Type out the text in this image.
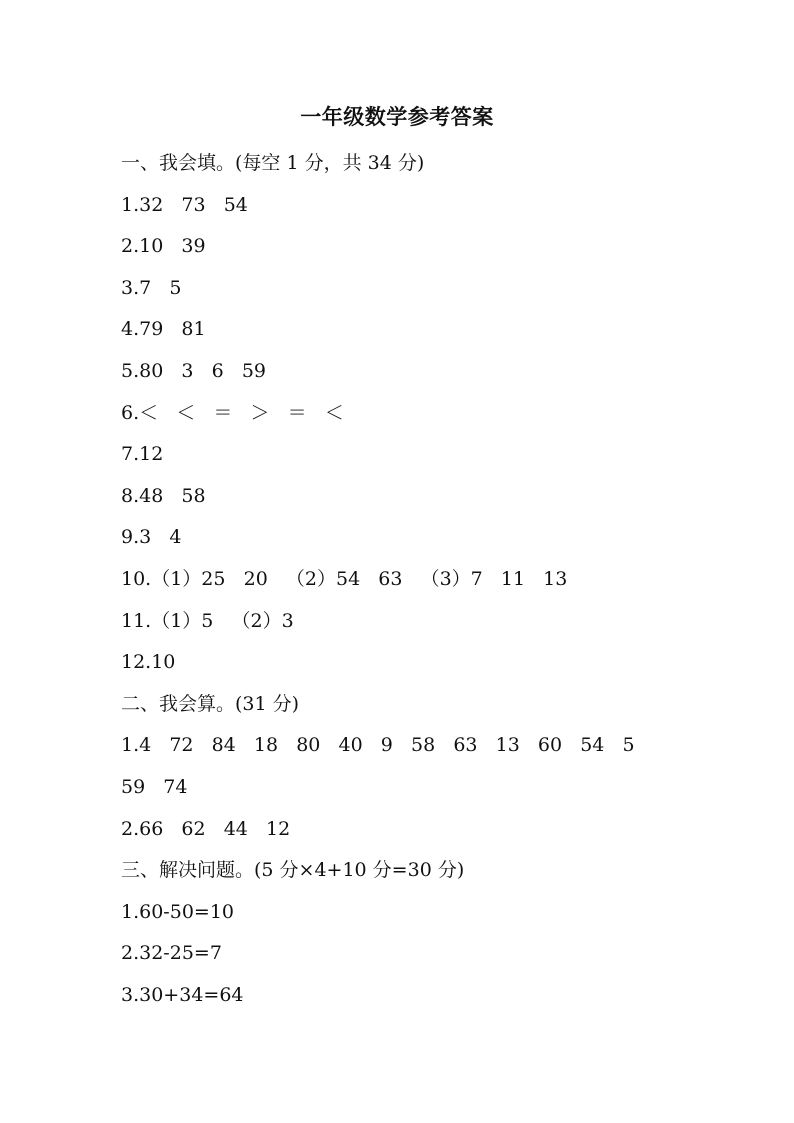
一年级数学参考答案
一、我会填。(每空 1 分，共 34 分)
1.32   73   54
2.10   39
3.7   5
4.79   81
5.80   3   6   59
6.＜   ＜   ＝   ＞   ＝   ＜
7.12
8.48   58
9.3   4
10.（1）25   20   （2）54   63   （3）7   11   13
11.（1）5   （2）3
12.10
二、我会算。(31 分)
1.4   72   84   18   80   40   9   58   63   13   60   54   5
59   74
2.66   62   44   12
三、解决问题。(5 分×4+10 分=30 分)
1.60-50=10
2.32-25=7
3.30+34=64
